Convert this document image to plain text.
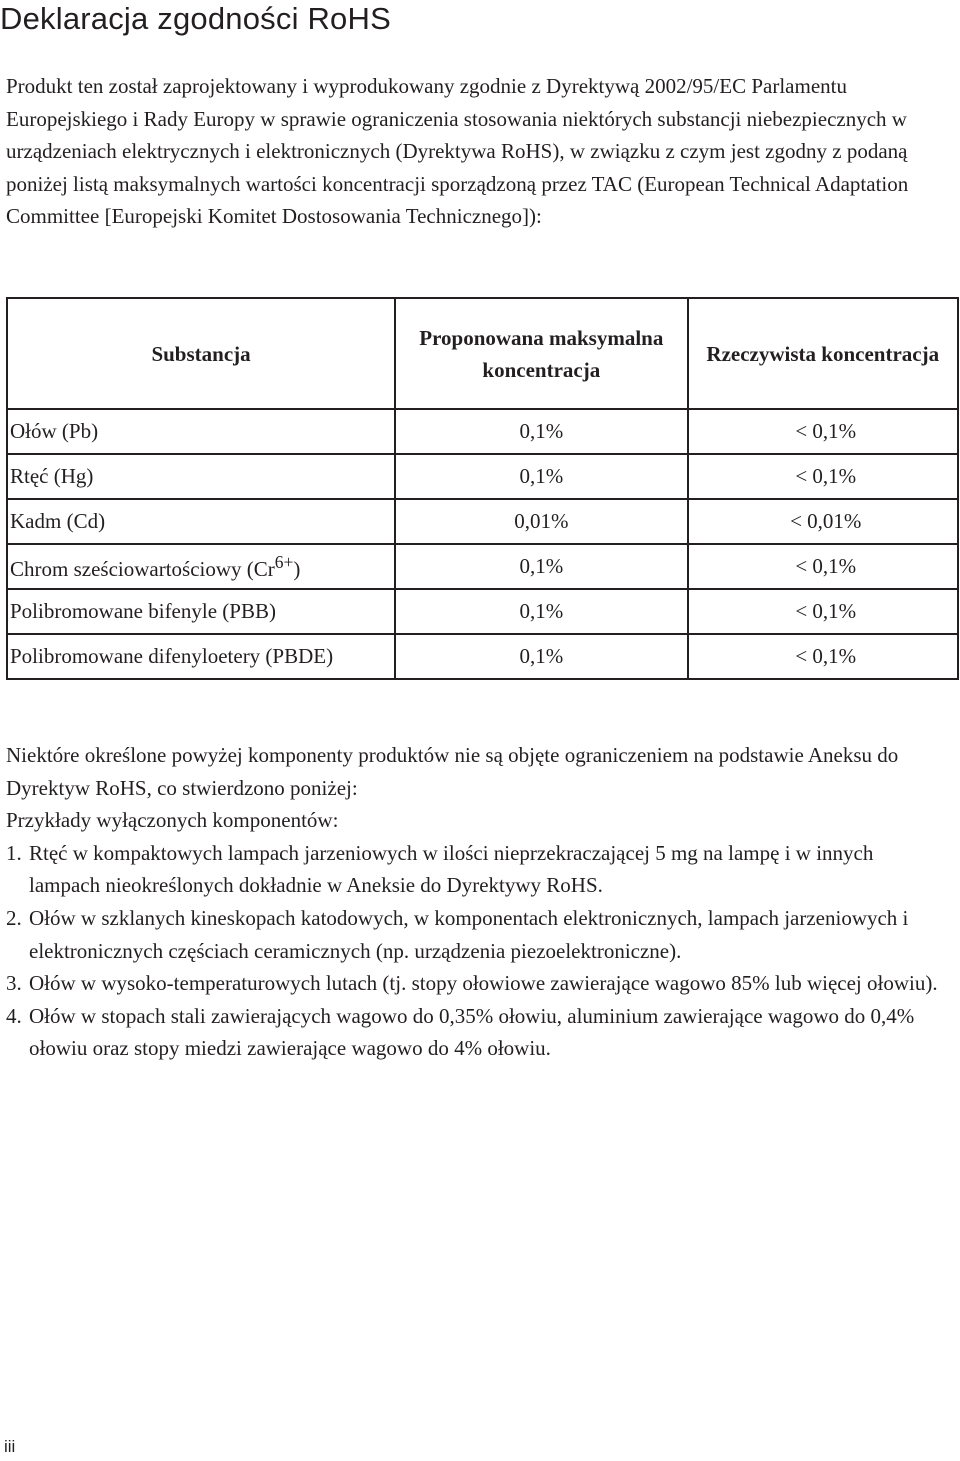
Deklaracja zgodności RoHS

Produkt ten został zaprojektowany i wyprodukowany zgodnie z Dyrektywą 2002/95/EC Parlamentu Europejskiego i Rady Europy w sprawie ograniczenia stosowania niektórych substancji niebezpiecznych w urządzeniach elektrycznych i elektronicznych (Dyrektywa RoHS), w związku z czym jest zgodny z podaną poniżej listą maksymalnych wartości koncentracji sporządzoną przez TAC (European Technical Adaptation Committee [Europejski Komitet Dostosowania Technicznego]):

Substancja	Proponowana maksymalna koncentracja	Rzeczywista koncentracja

Ołów (Pb)	0,1%	< 0,1%
Rtęć (Hg)	0,1%	< 0,1%
Kadm (Cd)	0,01%	< 0,01%
Chrom sześciowartościowy $(Cr^{6+})$	0,1%	< 0,1%
Polibromowane bifenyle (PBB)	0,1%	< 0,1%
Polibromowane difenyloetery (PBDE)	0,1%	< 0,1%

Niektóre określone powyżej komponenty produktów nie są objęte ograniczeniem na podstawie Aneksu do Dyrektyw RoHS, co stwierdzono poniżej:

Przykłady wyłączonych komponentów:

1. Rtęć w kompaktowych lampach jarzeniowych w ilości nieprzekraczającej 5 mg na lampę i w innych lampach nieokreślonych dokładnie w Aneksie do Dyrektywy RoHS.
2. Ołów w szklanych kineskopach katodowych, w komponentach elektronicznych, lampach jarzeniowych i elektronicznych częściach ceramicznych (np. urządzenia piezoelektroniczne).
3. Ołów w wysoko-temperaturowych lutach (tj. stopy ołowiowe zawierające wagowo 85% lub więcej ołowiu).
4. Ołów w stopach stali zawierających wagowo do 0,35% ołowiu, aluminium zawierające wagowo do 0,4% ołowiu oraz stopy miedzi zawierające wagowo do 4% ołowiu.
iii
